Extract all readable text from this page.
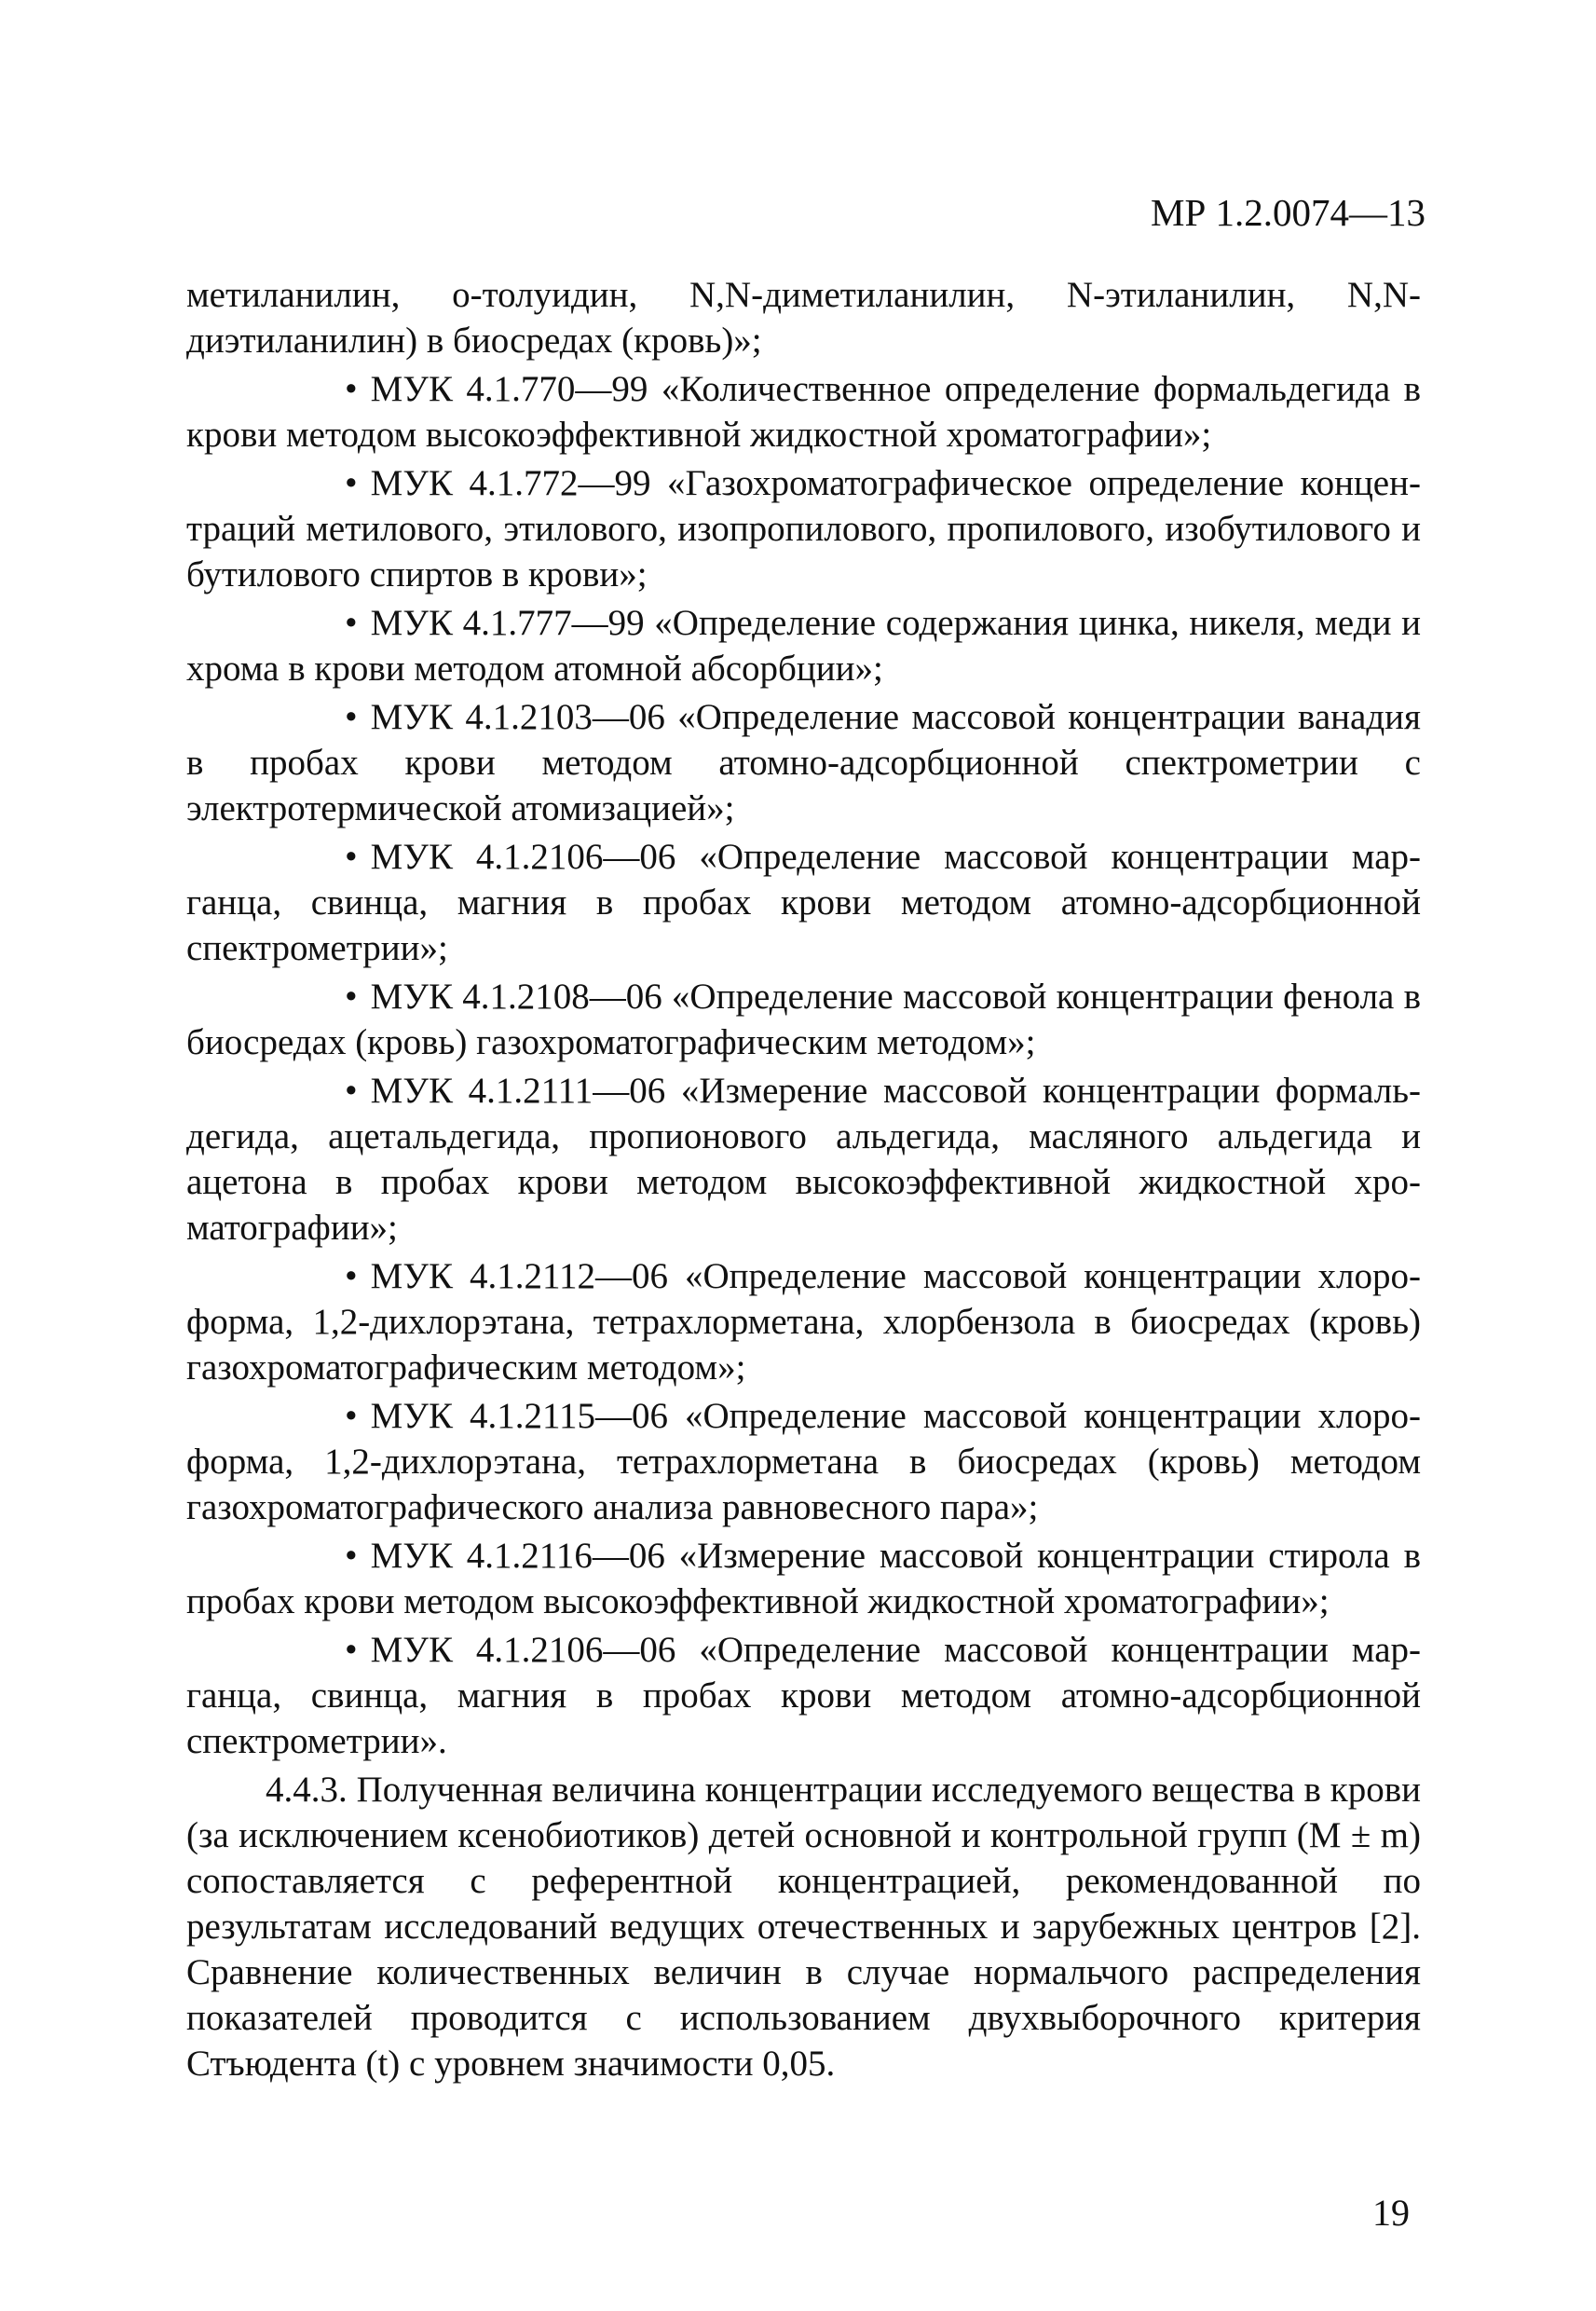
МР 1.2.0074—13

метиланилин, о-толуидин, N,N-диметиланилин, N-этиланилин, N,N-диэтиланилин) в биосредах (кровь)»;

• МУК 4.1.770—99 «Количественное определение формальдегида в крови методом высокоэффективной жидкостной хроматографии»;

• МУК 4.1.772—99 «Газохроматографическое определение концентраций метилового, этилового, изопропилового, пропилового, изобутилового и бутилового спиртов в крови»;

• МУК 4.1.777—99 «Определение содержания цинка, никеля, меди и хрома в крови методом атомной абсорбции»;

• МУК 4.1.2103—06 «Определение массовой концентрации ванадия в пробах крови методом атомно-адсорбционной спектрометрии с электротермической атомизацией»;

• МУК 4.1.2106—06 «Определение массовой концентрации марганца, свинца, магния в пробах крови методом атомно-адсорбционной спектрометрии»;

• МУК 4.1.2108—06 «Определение массовой концентрации фенола в биосредах (кровь) газохроматографическим методом»;

• МУК 4.1.2111—06 «Измерение массовой концентрации формальдегида, ацетальдегида, пропионового альдегида, масляного альдегида и ацетона в пробах крови методом высокоэффективной жидкостной хроматографии»;

• МУК 4.1.2112—06 «Определение массовой концентрации хлороформа, 1,2-дихлорэтана, тетрахлорметана, хлорбензола в биосредах (кровь) газохроматографическим методом»;

• МУК 4.1.2115—06 «Определение массовой концентрации хлороформа, 1,2-дихлорэтана, тетрахлорметана в биосредах (кровь) методом газохроматографического анализа равновесного пара»;

• МУК 4.1.2116—06 «Измерение массовой концентрации стирола в пробах крови методом высокоэффективной жидкостной хроматографии»;

• МУК 4.1.2106—06 «Определение массовой концентрации марганца, свинца, магния в пробах крови методом атомно-адсорбционной спектрометрии».

4.4.3. Полученная величина концентрации исследуемого вещества в крови (за исключением ксенобиотиков) детей основной и контрольной групп (M ± m) сопоставляется с референтной концентрацией, рекомендованной по результатам исследований ведущих отечественных и зарубежных центров [2]. Сравнение количественных величин в случае нормальчого распределения показателей проводится с использованием двухвыборочного критерия Стъюдента (t) с уровнем значимости 0,05.

19
